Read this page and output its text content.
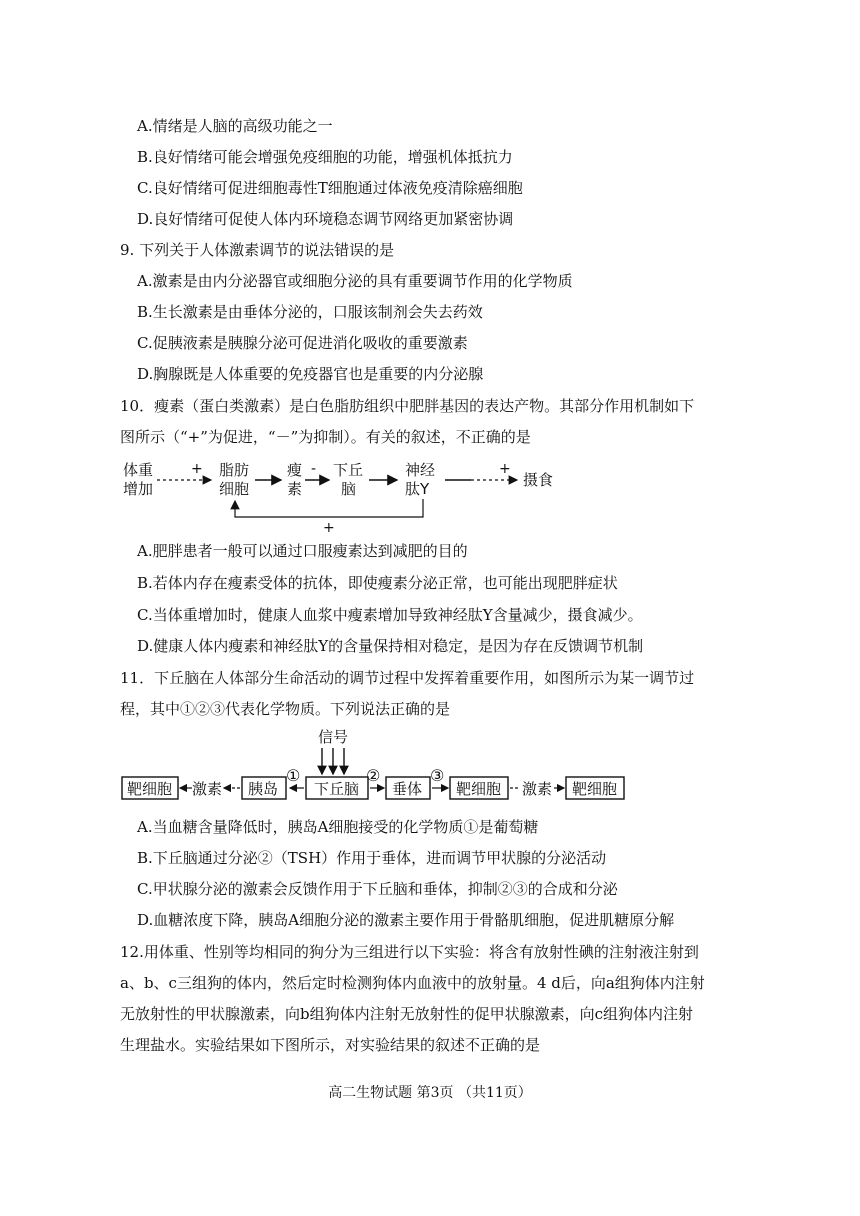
A.情绪是人脑的高级功能之一
B.良好情绪可能会增强免疫细胞的功能，增强机体抵抗力
C.良好情绪可促进细胞毒性T细胞通过体液免疫清除癌细胞
D.良好情绪可促使人体内环境稳态调节网络更加紧密协调
9. 下列关于人体激素调节的说法错误的是
A.激素是由内分泌器官或细胞分泌的具有重要调节作用的化学物质
B.生长激素是由垂体分泌的，口服该制剂会失去药效
C.促胰液素是胰腺分泌可促进消化吸收的重要激素
D.胸腺既是人体重要的免疫器官也是重要的内分泌腺
10．瘦素（蛋白类激素）是白色脂肪组织中肥胖基因的表达产物。其部分作用机制如下
图所示（“+”为促进，“－”为抑制）。有关的叙述，不正确的是
体重
增加
+ 脂肪
细胞
瘦
素
- 下丘
脑
神经
肽Y
+
摄食
+
A.肥胖患者一般可以通过口服瘦素达到减肥的目的
B.若体内存在瘦素受体的抗体，即使瘦素分泌正常，也可能出现肥胖症状
C.当体重增加时，健康人血浆中瘦素增加导致神经肽Y含量减少，摄食减少。
D.健康人体内瘦素和神经肽Y的含量保持相对稳定，是因为存在反馈调节机制
11．下丘脑在人体部分生命活动的调节过程中发挥着重要作用，如图所示为某一调节过
程，其中①②③代表化学物质。下列说法正确的是
信号
靶细胞 激素 胰岛
①
下丘脑
②
垂体
③
靶细胞 激素 靶细胞
A.当血糖含量降低时，胰岛A细胞接受的化学物质①是葡萄糖
B.下丘脑通过分泌②（TSH）作用于垂体，进而调节甲状腺的分泌活动
C.甲状腺分泌的激素会反馈作用于下丘脑和垂体，抑制②③的合成和分泌
D.血糖浓度下降，胰岛A细胞分泌的激素主要作用于骨骼肌细胞，促进肌糖原分解
12.用体重、性别等均相同的狗分为三组进行以下实验：将含有放射性碘的注射液注射到
a、b、c三组狗的体内，然后定时检测狗体内血液中的放射量。4 d后，向a组狗体内注射
无放射性的甲状腺激素，向b组狗体内注射无放射性的促甲状腺激素，向c组狗体内注射
生理盐水。实验结果如下图所示，对实验结果的叙述不正确的是
高二生物试题 第3页 （共11页）
